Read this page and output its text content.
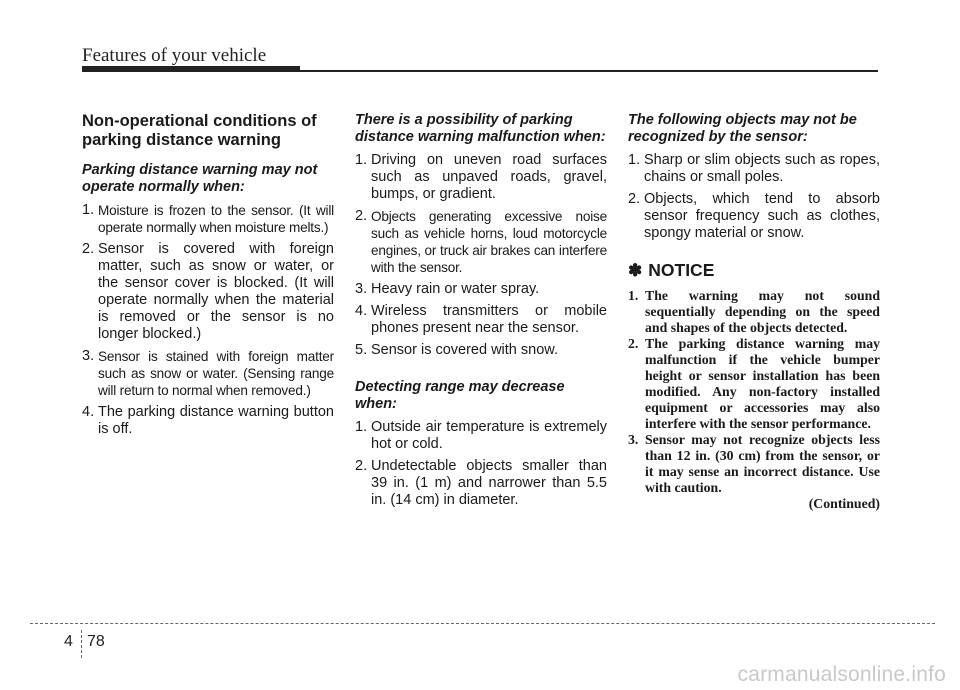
Features of your vehicle
Non-operational conditions of parking distance warning
Parking distance warning may not operate normally when:
1. Moisture is frozen to the sensor. (It will operate normally when moisture melts.)
2. Sensor is covered with foreign matter, such as snow or water, or the sensor cover is blocked. (It will operate normally when the material is removed or the sensor is no longer blocked.)
3. Sensor is stained with foreign matter such as snow or water. (Sensing range will return to normal when removed.)
4. The parking distance warning button is off.
There is a possibility of parking distance warning malfunction when:
1. Driving on uneven road surfaces such as unpaved roads, gravel, bumps, or gradient.
2. Objects generating excessive noise such as vehicle horns, loud motorcycle engines, or truck air brakes can interfere with the sensor.
3. Heavy rain or water spray.
4. Wireless transmitters or mobile phones present near the sensor.
5. Sensor is covered with snow.
Detecting range may decrease when:
1. Outside air temperature is extremely hot or cold.
2. Undetectable objects smaller than 39 in. (1 m) and narrower than 5.5 in. (14 cm) in diameter.
The following objects may not be recognized by the sensor:
1. Sharp or slim objects such as ropes, chains or small poles.
2. Objects, which tend to absorb sensor frequency such as clothes, spongy material or snow.
✽ NOTICE
1. The warning may not sound sequentially depending on the speed and shapes of the objects detected.
2. The parking distance warning may malfunction if the vehicle bumper height or sensor installation has been modified. Any non-factory installed equipment or accessories may also interfere with the sensor performance.
3. Sensor may not recognize objects less than 12 in. (30 cm) from the sensor, or it may sense an incorrect distance. Use with caution.
(Continued)
4 78

carmanualsonline.info
